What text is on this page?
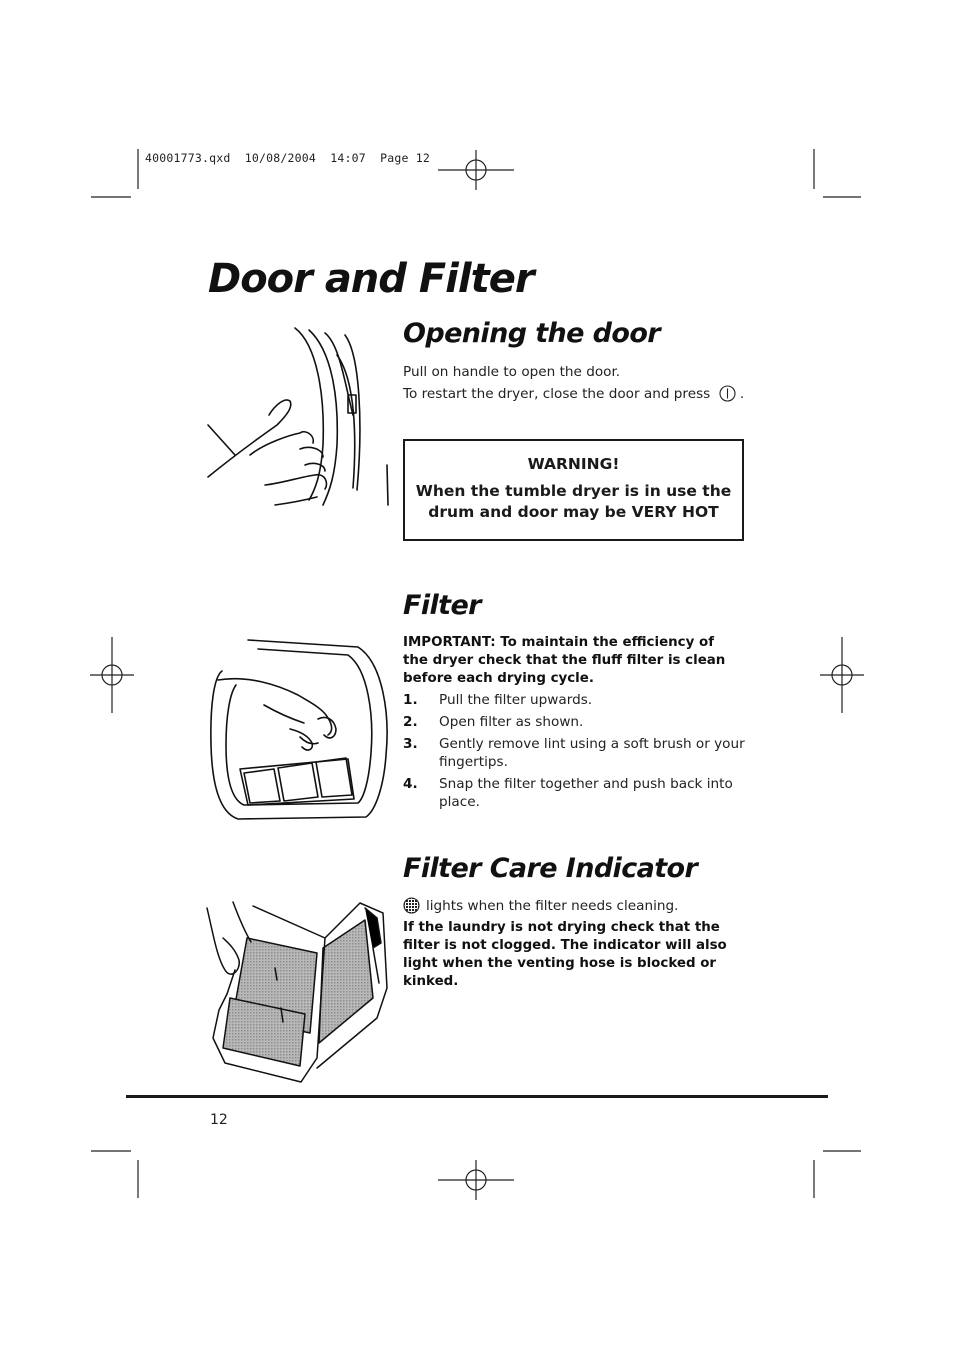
40001773.qxd  10/08/2004  14:07  Page 12
Door and Filter
Opening the door
Pull on handle to open the door.
To restart the dryer, close the door and press .
WARNING!
When the tumble dryer is in use the drum and door may be VERY HOT
Filter
IMPORTANT: To maintain the efficiency of the dryer check that the fluff filter is clean before each drying cycle.
1. Pull the filter upwards.
2. Open filter as shown.
3. Gently remove lint using a soft brush or your fingertips.
4. Snap the filter together and push back into place.
Filter Care Indicator
lights when the filter needs cleaning.
If the laundry is not drying check that the filter is not clogged. The indicator will also light when the venting hose is blocked or kinked.
12
